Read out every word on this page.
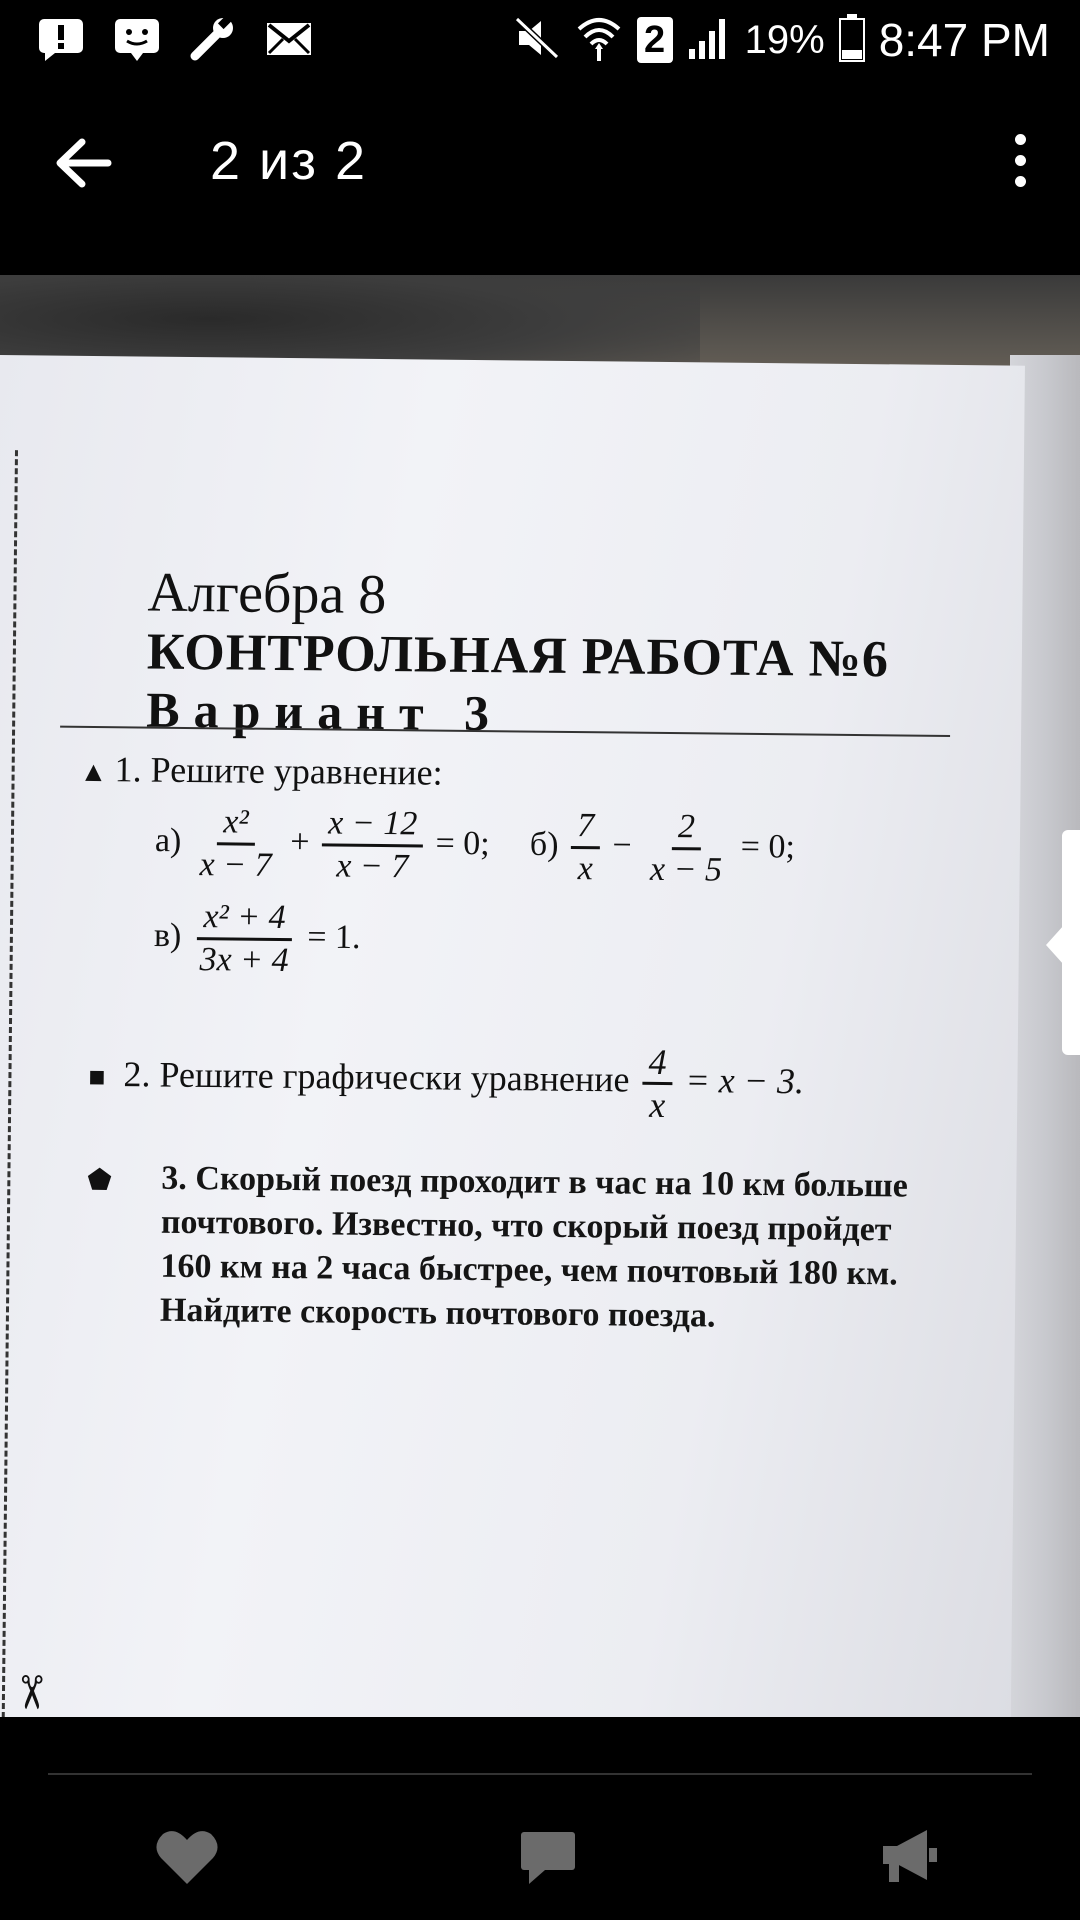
2 19% 8:47 PM
2 из 2
✂
Алгебра 8
КОНТРОЛЬНАЯ РАБОТА №6
Вариант 3
▲ 1. Решите уравнение:
$а) \frac{\text{x²}}{x - 7} + \frac{x - 12}{x - 7} = 0$; $б) \frac{7}{x} - \frac{2}{x - 5} = 0$;
$в) \frac{\text{x² + 4}}{3x + 4} = 1$.
■ 2. Решите графически уравнение $\frac{4}{x} = x - 3$.
⬟ 3. Скорый поезд проходит в час на 10 км больше почтового. Известно, что скорый поезд пройдет 160 км на 2 часа быстрее, чем почтовый 180 км. Найдите скорость почтового поезда.
